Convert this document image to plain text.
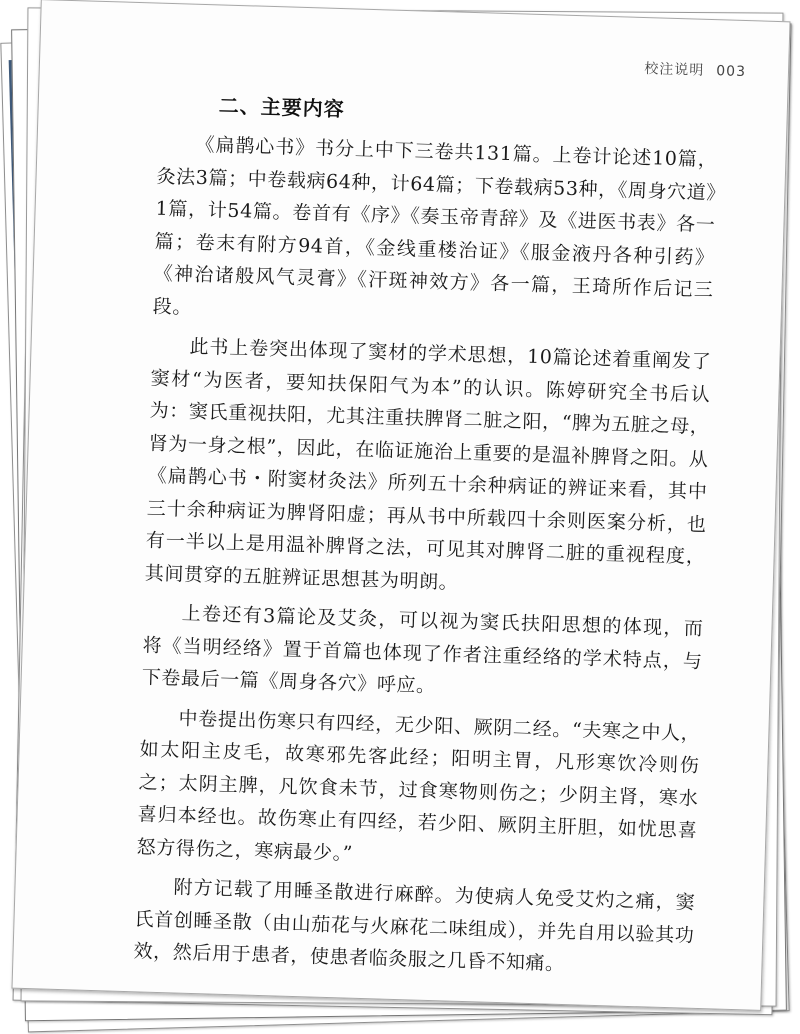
校注说明 003
二、主要内容

《扁鹊心书》书分上中下三卷共131篇。上卷计论述10篇，灸法3篇；中卷载病64种，计64篇；下卷载病53种，《周身穴道》1篇，计54篇。卷首有《序》《奏玉帝青辞》及《进医书表》各一篇；卷末有附方94首，《金线重楼治证》《服金液丹各种引药》《神治诸般风气灵膏》《汗斑神效方》各一篇，王琦所作后记三段。

此书上卷突出体现了窦材的学术思想，10篇论述着重阐发了窦材“为医者，要知扶保阳气为本”的认识。陈婷研究全书后认为：窦氏重视扶阳，尤其注重扶脾肾二脏之阳，“脾为五脏之母，肾为一身之根”，因此，在临证施治上重要的是温补脾肾之阳。从《扁鹊心书・附窦材灸法》所列五十余种病证的辨证来看，其中三十余种病证为脾肾阳虚；再从书中所载四十余则医案分析，也有一半以上是用温补脾肾之法，可见其对脾肾二脏的重视程度，其间贯穿的五脏辨证思想甚为明朗。

上卷还有3篇论及艾灸，可以视为窦氏扶阳思想的体现，而将《当明经络》置于首篇也体现了作者注重经络的学术特点，与下卷最后一篇《周身各穴》呼应。

中卷提出伤寒只有四经，无少阳、厥阴二经。“夫寒之中人，如太阳主皮毛，故寒邪先客此经；阳明主胃，凡形寒饮冷则伤之；太阴主脾，凡饮食未节，过食寒物则伤之；少阴主肾，寒水喜归本经也。故伤寒止有四经，若少阳、厥阴主肝胆，如忧思喜怒方得伤之，寒病最少。”

附方记载了用睡圣散进行麻醉。为使病人免受艾灼之痛，窦氏首创睡圣散（由山茄花与火麻花二味组成），并先自用以验其功效，然后用于患者，使患者临灸服之几昏不知痛。
